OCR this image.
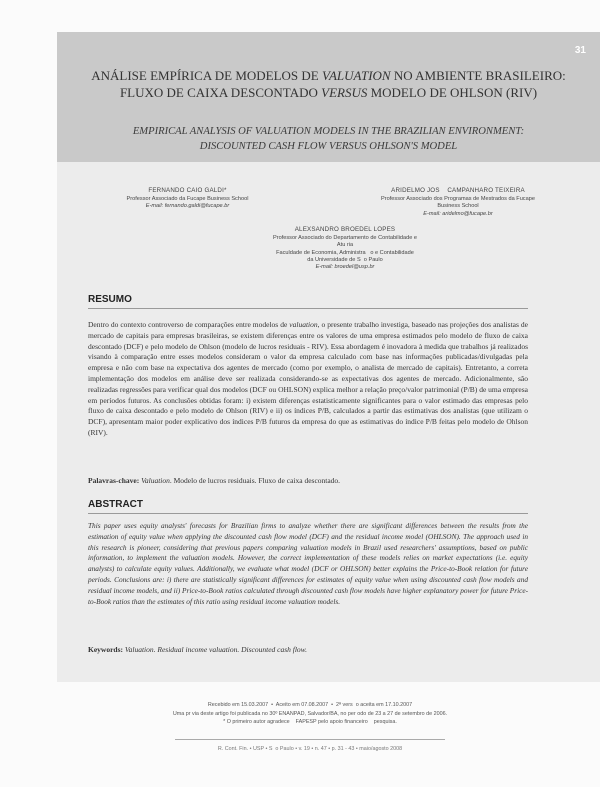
31
ANÁLISE EMPÍRICA DE MODELOS DE VALUATION NO AMBIENTE BRASILEIRO:
FLUXO DE CAIXA DESCONTADO VERSUS MODELO DE OHLSON (RIV)
EMPIRICAL ANALYSIS OF VALUATION MODELS IN THE BRAZILIAN ENVIRONMENT:
DISCOUNTED CASH FLOW VERSUS OHLSON'S MODEL
FERNANDO CAIO GALDI*
Professor Associado da Fucape Business School
E-mail: fernando.galdi@fucape.br
ARIDELMO JOS    CAMPANHARO TEIXEIRA
Professor Associado dos Programas de Mestrados da Fucape Business School
E-mail: aridelmo@fucape.br
ALEXSANDRO BROEDEL LOPES
Professor Associado do Departamento de Contabilidade e Atu ria
Faculdade de Economia, Administra   o e Contabilidade
da Universidade de S  o Paulo
E-mail: broedel@usp.br
RESUMO
Dentro do contexto controverso de comparações entre modelos de valuation, o presente trabalho investiga, baseado nas projeções dos analistas de mercado de capitais para empresas brasileiras, se existem diferenças entre os valores de uma empresa estimados pelo modelo de fluxo de caixa descontado (DCF) e pelo modelo de Ohlson (modelo de lucros residuais - RIV). Essa abordagem é inovadora à medida que trabalhos já realizados visando à comparação entre esses modelos consideram o valor da empresa calculado com base nas informações publicadas/divulgadas pela empresa e não com base na expectativa dos agentes de mercado (como por exemplo, o analista de mercado de capitais). Entretanto, a correta implementação dos modelos em análise deve ser realizada considerando-se as expectativas dos agentes de mercado. Adicionalmente, são realizadas regressões para verificar qual dos modelos (DCF ou OHLSON) explica melhor a relação preço/valor patrimonial (P/B) de uma empresa em períodos futuros. As conclusões obtidas foram: i) existem diferenças estatisticamente significantes para o valor estimado das empresas pelo fluxo de caixa descontado e pelo modelo de Ohlson (RIV) e ii) os índices P/B, calculados a partir das estimativas dos analistas (que utilizam o DCF), apresentam maior poder explicativo dos índices P/B futuros da empresa do que as estimativas do índice P/B feitas pelo modelo de Ohlson (RIV).
Palavras-chave: Valuation. Modelo de lucros residuais. Fluxo de caixa descontado.
ABSTRACT
This paper uses equity analysts' forecasts for Brazilian firms to analyze whether there are significant differences between the results from the estimation of equity value when applying the discounted cash flow model (DCF) and the residual income model (OHLSON). The approach used in this research is pioneer, considering that previous papers comparing valuation models in Brazil used researchers' assumptions, based on public information, to implement the valuation models. However, the correct implementation of these models relies on market expectations (i.e. equity analysts) to calculate equity values. Additionally, we evaluate what model (DCF or OHLSON) better explains the Price-to-Book relation for future periods. Conclusions are: i) there are statistically significant differences for estimates of equity value when using discounted cash flow models and residual income models, and ii) Price-to-Book ratios calculated through discounted cash flow models have higher explanatory power for future Price-to-Book ratios than the estimates of this ratio using residual income valuation models.
Keywords: Valuation. Residual income valuation. Discounted cash flow.
Recebido em 15.03.2007  •  Aceito em 07.08.2007  •  2ª vers  o aceita em 17.10.2007
Uma pr via deste artigo foi publicada no 30º ENANPAD, Salvador/BA, no per odo de 23 a 27 de setembro de 2006.
* O primeiro autor agradece    FAPESP pelo apoio financeiro    pesquisa.
R. Cont. Fin. • USP • S  o Paulo • v. 19 • n. 47 • p. 31 - 43 • maio/agosto 2008
